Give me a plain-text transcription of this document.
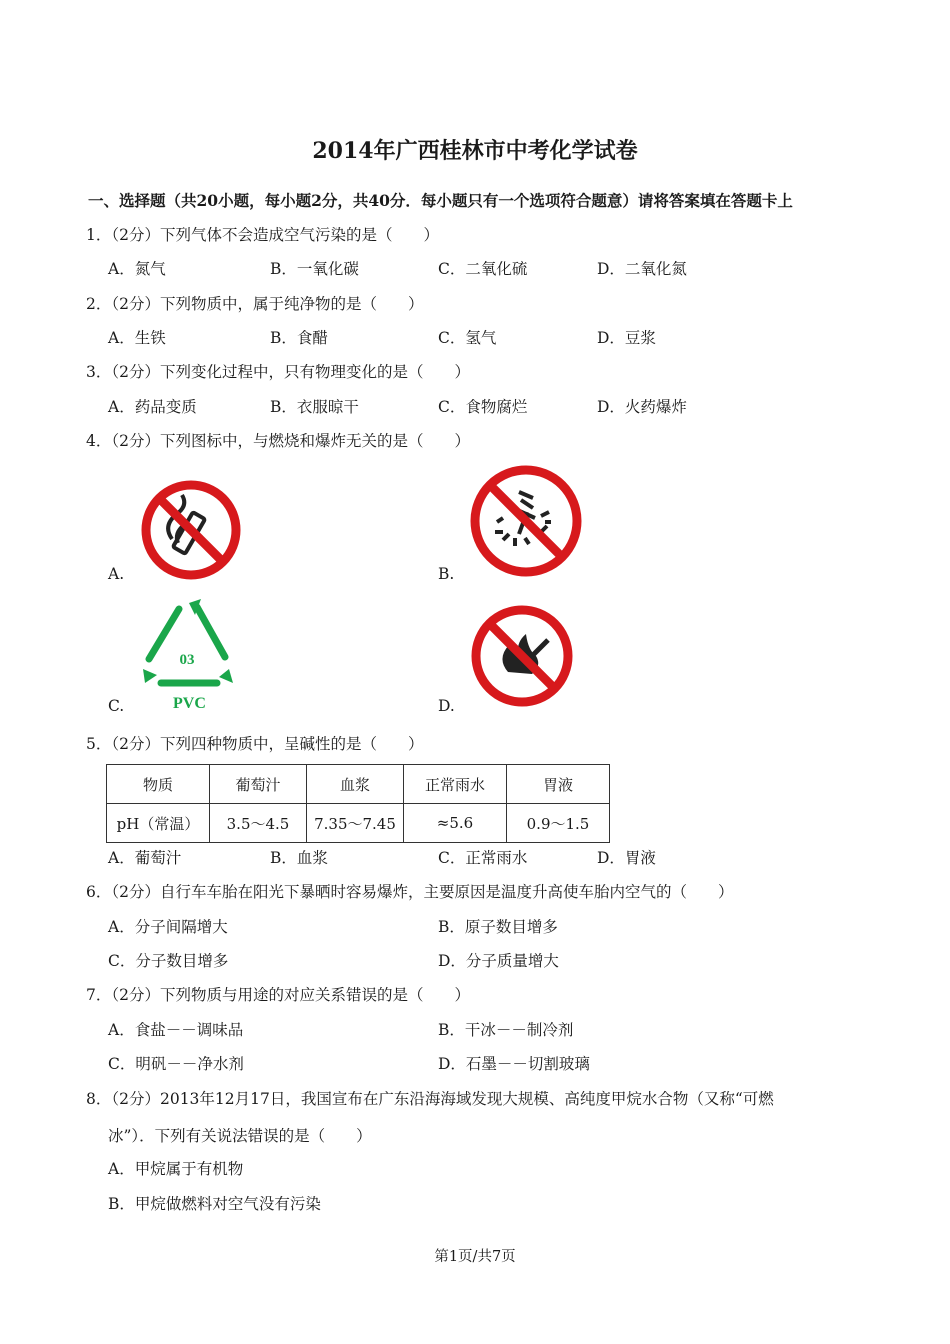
2014年广西桂林市中考化学试卷
一、选择题（共20小题，每小题2分，共40分．每小题只有一个选项符合题意）请将答案填在答题卡上
1．（2分）下列气体不会造成空气污染的是（　　）
A．氮气	B．一氧化碳	C．二氧化硫	D．二氧化氮
2．（2分）下列物质中，属于纯净物的是（　　）
A．生铁	B．食醋	C．氢气	D．豆浆
3．（2分）下列变化过程中，只有物理变化的是（　　）
A．药品变质	B．衣服晾干	C．食物腐烂	D．火药爆炸
4．（2分）下列图标中，与燃烧和爆炸无关的是（　　）
A.	B.
C.
03
PVC	D.
5．（2分）下列四种物质中，呈碱性的是（　　）
物质	葡萄汁	血浆	正常雨水	胃液
pH（常温）	3.5～4.5	7.35～7.45	≈5.6	0.9～1.5
A．葡萄汁	B．血浆	C．正常雨水	D．胃液
6．（2分）自行车车胎在阳光下暴晒时容易爆炸，主要原因是温度升高使车胎内空气的（　　）
A．分子间隔增大	B．原子数目增多
C．分子数目增多	D．分子质量增大
7．（2分）下列物质与用途的对应关系错误的是（　　）
A．食盐－－调味品	B．干冰－－制冷剂
C．明矾－－净水剂	D．石墨－－切割玻璃
8．（2分）2013年12月17日，我国宣布在广东沿海海域发现大规模、高纯度甲烷水合物（又称“可燃
冰”）．下列有关说法错误的是（　　）
A．甲烷属于有机物
B．甲烷做燃料对空气没有污染
第1页/共7页
